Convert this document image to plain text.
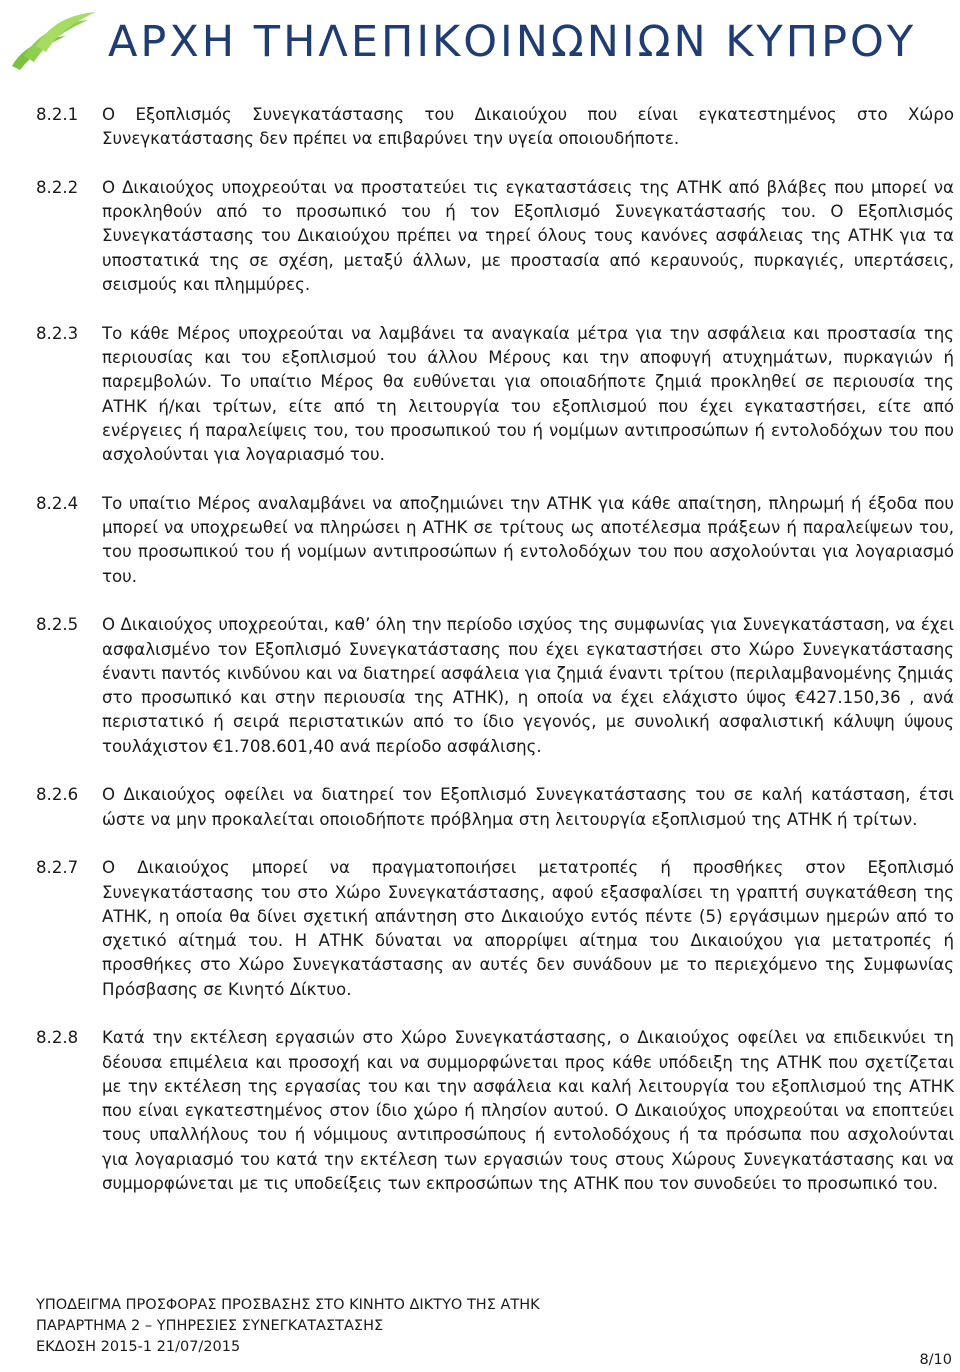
ΑΡΧΗ ΤΗΛΕΠΙΚΟΙΝΩΝΙΩΝ ΚΥΠΡΟΥ
8.2.1	Ο Εξοπλισμός Συνεγκατάστασης του Δικαιούχου που είναι εγκατεστημένος στο Χώρο Συνεγκατάστασης δεν πρέπει να επιβαρύνει την υγεία οποιουδήποτε.
8.2.2	Ο Δικαιούχος υποχρεούται να προστατεύει τις εγκαταστάσεις της ΑΤΗΚ από βλάβες που μπορεί να προκληθούν από το προσωπικό του ή τον Εξοπλισμό Συνεγκατάστασής του. Ο Εξοπλισμός Συνεγκατάστασης του Δικαιούχου πρέπει να τηρεί όλους τους κανόνες ασφάλειας της ΑΤΗΚ για τα υποστατικά της σε σχέση, μεταξύ άλλων, με προστασία από κεραυνούς, πυρκαγιές, υπερτάσεις, σεισμούς και πλημμύρες.
8.2.3	Το κάθε Μέρος υποχρεούται να λαμβάνει τα αναγκαία μέτρα για την ασφάλεια και προστασία της περιουσίας και του εξοπλισμού του άλλου Μέρους και την αποφυγή ατυχημάτων, πυρκαγιών ή παρεμβολών. Το υπαίτιο Μέρος θα ευθύνεται για οποιαδήποτε ζημιά προκληθεί σε περιουσία της ΑΤΗΚ ή/και τρίτων, είτε από τη λειτουργία του εξοπλισμού που έχει εγκαταστήσει, είτε από ενέργειες ή παραλείψεις του, του προσωπικού του ή νομίμων αντιπροσώπων ή εντολοδόχων του που ασχολούνται για λογαριασμό του.
8.2.4	Το υπαίτιο Μέρος αναλαμβάνει να αποζημιώνει την ΑΤΗΚ για κάθε απαίτηση, πληρωμή ή έξοδα που μπορεί να υποχρεωθεί να πληρώσει η ΑΤΗΚ σε τρίτους ως αποτέλεσμα πράξεων ή παραλείψεων του, του προσωπικού του ή νομίμων αντιπροσώπων ή εντολοδόχων του που ασχολούνται για λογαριασμό του.
8.2.5	Ο Δικαιούχος υποχρεούται, καθ’ όλη την περίοδο ισχύος της συμφωνίας για Συνεγκατάσταση, να έχει ασφαλισμένο τον Εξοπλισμό Συνεγκατάστασης που έχει εγκαταστήσει στο Χώρο Συνεγκατάστασης έναντι παντός κινδύνου και να διατηρεί ασφάλεια για ζημιά έναντι τρίτου (περιλαμβανομένης ζημιάς στο προσωπικό και στην περιουσία της ΑΤΗΚ), η οποία να έχει ελάχιστο ύψος €427.150,36 , ανά περιστατικό ή σειρά περιστατικών από το ίδιο γεγονός, με συνολική ασφαλιστική κάλυψη ύψους τουλάχιστον €1.708.601,40 ανά περίοδο ασφάλισης.
8.2.6	Ο Δικαιούχος οφείλει να διατηρεί τον Εξοπλισμό Συνεγκατάστασης του σε καλή κατάσταση, έτσι ώστε να μην προκαλείται οποιοδήποτε πρόβλημα στη λειτουργία εξοπλισμού της ΑΤΗΚ ή τρίτων.
8.2.7	Ο Δικαιούχος μπορεί να πραγματοποιήσει μετατροπές ή προσθήκες στον Εξοπλισμό Συνεγκατάστασης του στο Χώρο Συνεγκατάστασης, αφού εξασφαλίσει τη γραπτή συγκατάθεση της ΑΤΗΚ, η οποία θα δίνει σχετική απάντηση στο Δικαιούχο εντός πέντε (5) εργάσιμων ημερών από το σχετικό αίτημά του. Η ΑΤΗΚ δύναται να απορρίψει αίτημα του Δικαιούχου για μετατροπές ή προσθήκες στο Χώρο Συνεγκατάστασης αν αυτές δεν συνάδουν με το περιεχόμενο της Συμφωνίας Πρόσβασης σε Κινητό Δίκτυο.
8.2.8	Κατά την εκτέλεση εργασιών στο Χώρο Συνεγκατάστασης, ο Δικαιούχος οφείλει να επιδεικνύει τη δέουσα επιμέλεια και προσοχή και να συμμορφώνεται προς κάθε υπόδειξη της ΑΤΗΚ που σχετίζεται με την εκτέλεση της εργασίας του και την ασφάλεια και καλή λειτουργία του εξοπλισμού της ΑΤΗΚ που είναι εγκατεστημένος στον ίδιο χώρο ή πλησίον αυτού. Ο Δικαιούχος υποχρεούται να εποπτεύει τους υπαλλήλους του ή νόμιμους αντιπροσώπους ή εντολοδόχους ή τα πρόσωπα που ασχολούνται για λογαριασμό του κατά την εκτέλεση των εργασιών τους στους Χώρους Συνεγκατάστασης και να συμμορφώνεται με τις υποδείξεις των εκπροσώπων της ΑΤΗΚ που τον συνοδεύει το προσωπικό του.
ΥΠΟΔΕΙΓΜΑ ΠΡΟΣΦΟΡΑΣ ΠΡΟΣΒΑΣΗΣ ΣΤΟ ΚΙΝΗΤΟ ΔΙΚΤΥΟ ΤΗΣ ΑΤΗΚ
ΠΑΡΑΡΤΗΜΑ 2 – ΥΠΗΡΕΣΙΕΣ ΣΥΝΕΓΚΑΤΑΣΤΑΣΗΣ
ΕΚΔΟΣΗ 2015-1 21/07/2015
8/10
